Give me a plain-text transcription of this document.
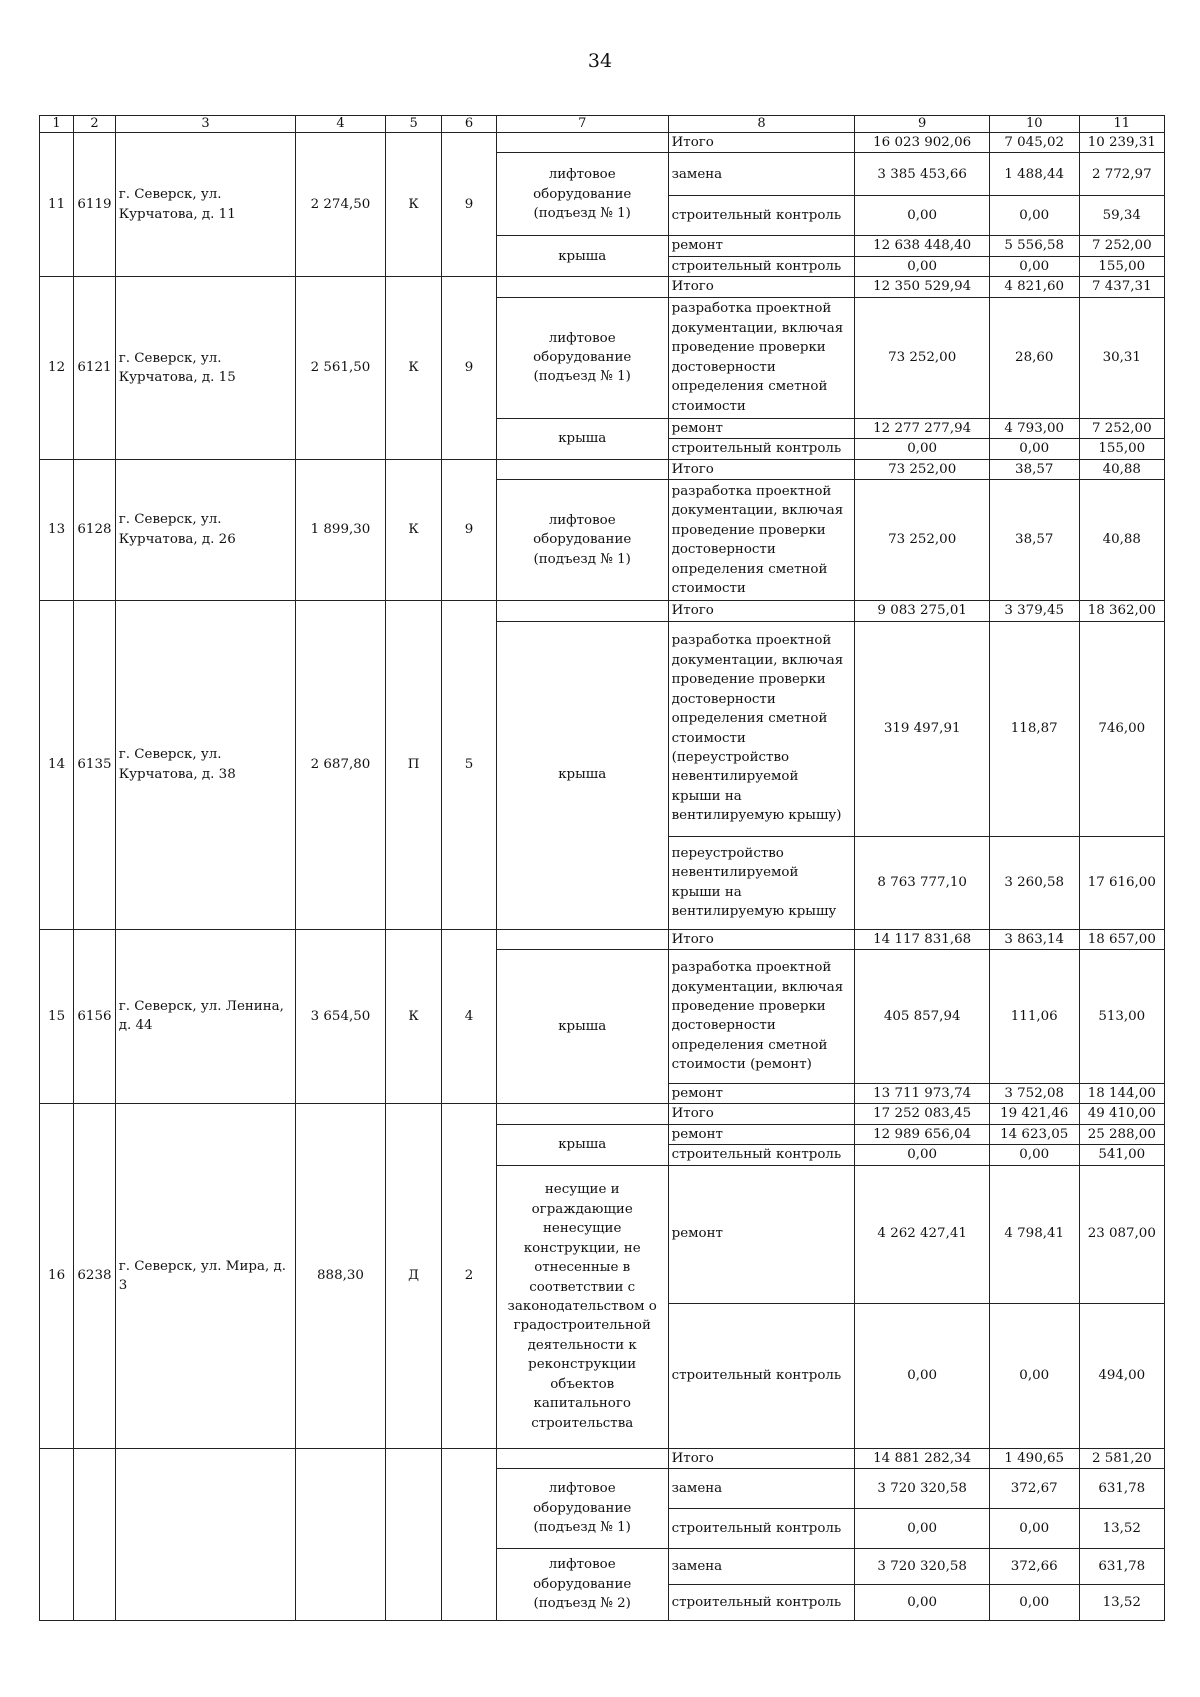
34
1	2	3	4	5	6	7	8	9	10	11
11	6119	г. Северск, ул. Курчатова, д. 11	2 274,50	К	9		Итого	16 023 902,06	7 045,02	10 239,31
						лифтовое оборудование (подъезд № 1)	замена	3 385 453,66	1 488,44	2 772,97
							строительный контроль	0,00	0,00	59,34
						крыша	ремонт	12 638 448,40	5 556,58	7 252,00
							строительный контроль	0,00	0,00	155,00
12	6121	г. Северск, ул. Курчатова, д. 15	2 561,50	К	9		Итого	12 350 529,94	4 821,60	7 437,31
						лифтовое оборудование (подъезд № 1)	разработка проектной документации, включая проведение проверки достоверности определения сметной стоимости	73 252,00	28,60	30,31
						крыша	ремонт	12 277 277,94	4 793,00	7 252,00
							строительный контроль	0,00	0,00	155,00
13	6128	г. Северск, ул. Курчатова, д. 26	1 899,30	К	9		Итого	73 252,00	38,57	40,88
						лифтовое оборудование (подъезд № 1)	разработка проектной документации, включая проведение проверки достоверности определения сметной стоимости	73 252,00	38,57	40,88
14	6135	г. Северск, ул. Курчатова, д. 38	2 687,80	П	5		Итого	9 083 275,01	3 379,45	18 362,00
						крыша	разработка проектной документации, включая проведение проверки достоверности определения сметной стоимости (переустройство невентилируемой крыши на вентилируемую крышу)	319 497,91	118,87	746,00
							переустройство невентилируемой крыши на вентилируемую крышу	8 763 777,10	3 260,58	17 616,00
15	6156	г. Северск, ул. Ленина, д. 44	3 654,50	К	4		Итого	14 117 831,68	3 863,14	18 657,00
						крыша	разработка проектной документации, включая проведение проверки достоверности определения сметной стоимости (ремонт)	405 857,94	111,06	513,00
							ремонт	13 711 973,74	3 752,08	18 144,00
16	6238	г. Северск, ул. Мира, д. 3	888,30	Д	2		Итого	17 252 083,45	19 421,46	49 410,00
						крыша	ремонт	12 989 656,04	14 623,05	25 288,00
							строительный контроль	0,00	0,00	541,00
						несущие и ограждающие ненесущие конструкции, не отнесенные в соответствии с законодательством о градостроительной деятельности к реконструкции объектов капитального строительства	ремонт	4 262 427,41	4 798,41	23 087,00
							строительный контроль	0,00	0,00	494,00
							Итого	14 881 282,34	1 490,65	2 581,20
						лифтовое оборудование (подъезд № 1)	замена	3 720 320,58	372,67	631,78
							строительный контроль	0,00	0,00	13,52
						лифтовое оборудование (подъезд № 2)	замена	3 720 320,58	372,66	631,78
							строительный контроль	0,00	0,00	13,52
